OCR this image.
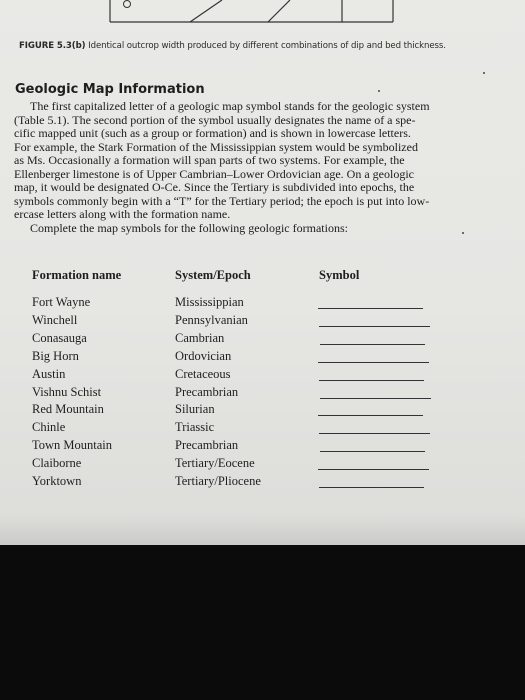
FIGURE 5.3(b) Identical outcrop width produced by different combinations of dip and bed thickness.
Geologic Map Information
The first capitalized letter of a geologic map symbol stands for the geologic system
(Table 5.1). The second portion of the symbol usually designates the name of a spe-
cific mapped unit (such as a group or formation) and is shown in lowercase letters.
For example, the Stark Formation of the Mississippian system would be symbolized
as Ms. Occasionally a formation will span parts of two systems. For example, the
Ellenberger limestone is of Upper Cambrian–Lower Ordovician age. On a geologic
map, it would be designated O-Ce. Since the Tertiary is subdivided into epochs, the
symbols commonly begin with a “T” for the Tertiary period; the epoch is put into low-
ercase letters along with the formation name.
Complete the map symbols for the following geologic formations:
Formation name	System/Epoch	Symbol
Fort Wayne	Mississippian
Winchell	Pennsylvanian
Conasauga	Cambrian
Big Horn	Ordovician
Austin	Cretaceous
Vishnu Schist	Precambrian
Red Mountain	Silurian
Chinle	Triassic
Town Mountain	Precambrian
Claiborne	Tertiary/Eocene
Yorktown	Tertiary/Pliocene
